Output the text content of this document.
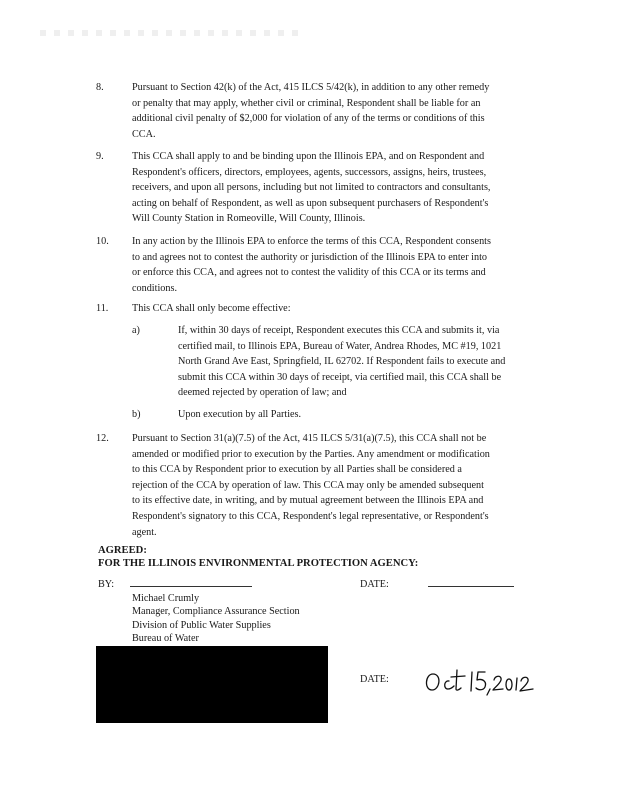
8.	Pursuant to Section 42(k) of the Act, 415 ILCS 5/42(k), in addition to any other remedy
or penalty that may apply, whether civil or criminal, Respondent shall be liable for an
additional civil penalty of $2,000 for violation of any of the terms or conditions of this
CCA.
9.	This CCA shall apply to and be binding upon the Illinois EPA, and on Respondent and
Respondent's officers, directors, employees, agents, successors, assigns, heirs, trustees,
receivers, and upon all persons, including but not limited to contractors and consultants,
acting on behalf of Respondent, as well as upon subsequent purchasers of Respondent's
Will County Station in Romeoville, Will County, Illinois.
10.	In any action by the Illinois EPA to enforce the terms of this CCA, Respondent consents
to and agrees not to contest the authority or jurisdiction of the Illinois EPA to enter into
or enforce this CCA, and agrees not to contest the validity of this CCA or its terms and
conditions.
11.	This CCA shall only become effective:
a)	If, within 30 days of receipt, Respondent executes this CCA and submits it, via
certified mail, to Illinois EPA, Bureau of Water, Andrea Rhodes, MC #19, 1021
North Grand Ave East, Springfield, IL 62702. If Respondent fails to execute and
submit this CCA within 30 days of receipt, via certified mail, this CCA shall be
deemed rejected by operation of law; and
b)	Upon execution by all Parties.
12.	Pursuant to Section 31(a)(7.5) of the Act, 415 ILCS 5/31(a)(7.5), this CCA shall not be
amended or modified prior to execution by the Parties. Any amendment or modification
to this CCA by Respondent prior to execution by all Parties shall be considered a
rejection of the CCA by operation of law. This CCA may only be amended subsequent
to its effective date, in writing, and by mutual agreement between the Illinois EPA and
Respondent's signatory to this CCA, Respondent's legal representative, or Respondent's
agent.
AGREED:
FOR THE ILLINOIS ENVIRONMENTAL PROTECTION AGENCY:
BY:	DATE:
Michael Crumly
Manager, Compliance Assurance Section
Division of Public Water Supplies
Bureau of Water
DATE:
